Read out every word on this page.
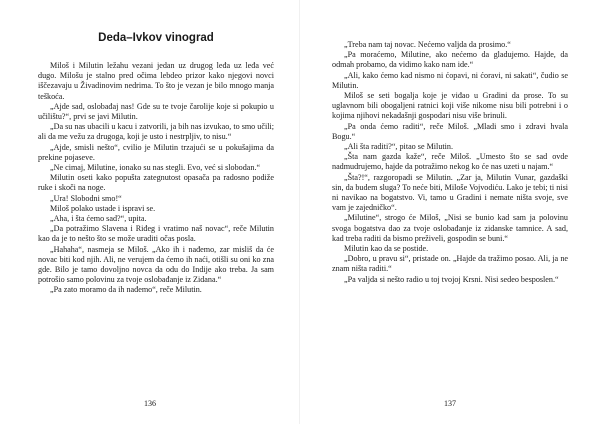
Deda–Ivkov vinograd

Miloš i Milutin ležahu vezani jedan uz drugog leđa uz leđa već dugo. Milošu je stalno pred očima lebdeo prizor kako njegovi novci iščezavaju u Živadinovim nedrima. To što je vezan je bilo mnogo manja teškoća.

„Ajde sad, oslobađaj nas! Gde su te tvoje čarolije koje si pokupio u učilištu?“, prvi se javi Milutin.

„Da su nas ubacili u kacu i zatvorili, ja bih nas izvukao, to smo učili; ali da me vežu za drugoga, koji je usto i nestrpljiv, to nisu.“

„Ajde, smisli nešto“, cvilio je Milutin trzajući se u pokušajima da prekine pojaseve.

„Ne cimaj, Milutine, ionako su nas stegli. Evo, već si slobodan.“

Milutin oseti kako popušta zategnutost opasača pa radosno podiže ruke i skoči na noge.

„Ura! Slobodni smo!“

Miloš polako ustade i ispravi se.

„Aha, i šta ćemo sad?“, upita.

„Da potražimo Slavena i Riđeg i vratimo naš novac“, reče Milutin kao da je to nešto što se može uraditi očas posla.

„Hahaha“, nasmeja se Miloš. „Ako ih i nađemo, zar misliš da će novac biti kod njih. Ali, ne verujem da ćemo ih naći, otišli su oni ko zna gde. Bilo je tamo dovoljno novca da odu do Indije ako treba. Ja sam potrošio samo polovinu za tvoje oslobađanje iz Zidana.“

„Pa zato moramo da ih nađemo“, reče Milutin.

136

„Treba nam taj novac. Nećemo valjda da prosimo.“

„Pa moraćemo, Milutine, ako nećemo da gladujemo. Hajde, da odmah probamo, da vidimo kako nam ide.“

„Ali, kako ćemo kad nismo ni ćopavi, ni ćoravi, ni sakati“, čudio se Milutin.

Miloš se seti bogalja koje je viđao u Gradini da prose. To su uglavnom bili obogaljeni ratnici koji više nikome nisu bili potrebni i o kojima njihovi nekadašnji gospodari nisu više brinuli.

„Pa onda ćemo raditi“, reče Miloš. „Mladi smo i zdravi hvala Bogu.“

„Ali šta raditi?“, pitao se Milutin.

„Šta nam gazda kaže“, reče Miloš. „Umesto što se sad ovde nadmudrujemo, hajde da potražimo nekog ko će nas uzeti u najam.“

„Šta?!“, razgoropadi se Milutin. „Zar ja, Milutin Vunar, gazdaški sin, da budem sluga? To neće biti, Miloše Vojvodiću. Lako je tebi; ti nisi ni navikao na bogatstvo. Vi, tamo u Gradini i nemate ništa svoje, sve vam je zajedničko“.

„Milutine“, strogo će Miloš, „Nisi se bunio kad sam ja polovinu svoga bogatstva dao za tvoje oslobađanje iz zidanske tamnice. A sad, kad treba raditi da bismo preživeli, gospodin se buni.“

Milutin kao da se postide.

„Dobro, u pravu si“, pristade on. „Hajde da tražimo posao. Ali, ja ne znam ništa raditi.“

„Pa valjda si nešto radio u toj tvojoj Krsni. Nisi sedeo besposlen.“

137
